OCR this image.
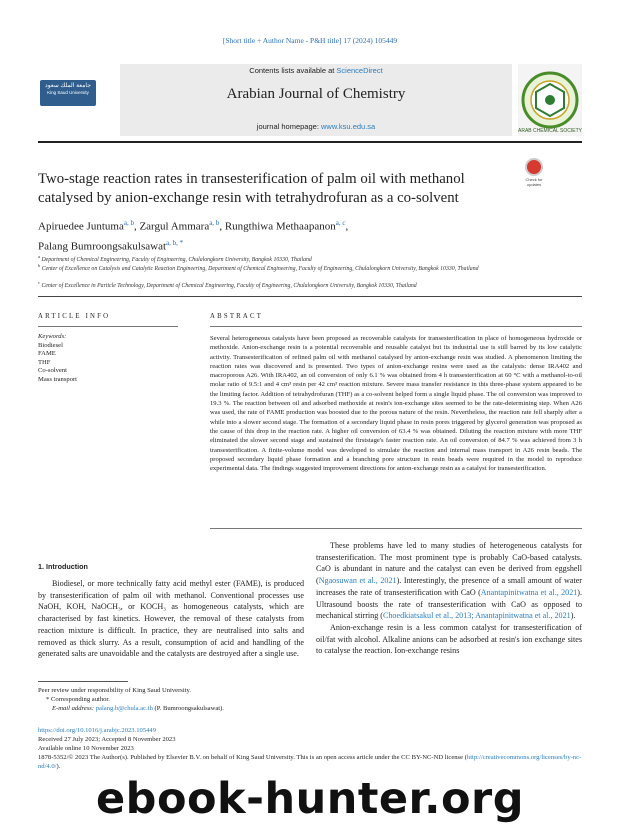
[Short title + Author Name - P&H title] 17 (2024) 105449
جامعة الملك سعود
King Saud University
Contents lists available at ScienceDirect
Arabian Journal of Chemistry
journal homepage: www.ksu.edu.sa	ARAB CHEMICAL SOCIETY
Check for updates
Two-stage reaction rates in transesterification of palm oil with methanol catalysed by anion-exchange resin with tetrahydrofuran as a co-solvent
Apiruedee Juntuma$^{a, b}$, Zargul Ammara$^{a, b}$, Rungthiwa Methaapanon$^{a, c}$,
Palang Bumroongsakulsawat$^{a, b, *}$
$^a$ Department of Chemical Engineering, Faculty of Engineering, Chulalongkorn University, Bangkok 10330, Thailand
$^b$ Center of Excellence on Catalysis and Catalytic Reaction Engineering, Department of Chemical Engineering, Faculty of Engineering, Chulalongkorn University, Bangkok 10330, Thailand
$^c$ Center of Excellence in Particle Technology, Department of Chemical Engineering, Faculty of Engineering, Chulalongkorn University, Bangkok 10330, Thailand
ARTICLE INFO
Keywords:
Biodiesel
FAME
THF
Co-solvent
Mass transport
ABSTRACT
Several heterogeneous catalysts have been proposed as recoverable catalysts for transesterification in place of homogeneous hydroxide or methoxide. Anion-exchange resin is a potential recoverable and reusable catalyst but its industrial use is still barred by its low catalytic activity. Transesterification of refined palm oil with methanol catalysed by anion-exchange resin was studied. A phenomenon limiting the reaction rates was discovered and is presented. Two types of anion-exchange resins were used as the catalysts: dense IRA402 and macroporous A26. With IRA402, an oil conversion of only 6.1 % was obtained from 4 h transesterification at 60 °C with a methanol-to-oil molar ratio of 9.5:1 and 4 cm³ resin per 42 cm³ reaction mixture. Severe mass transfer resistance in this three-phase system appeared to be the limiting factor. Addition of tetrahydrofuran (THF) as a co-solvent helped form a single liquid phase. The oil conversion was improved to 19.3 %. The reaction between oil and adsorbed methoxide at resin's ion-exchange sites seemed to be the rate-determining step. When A26 was used, the rate of FAME production was boosted due to the porous nature of the resin. Nevertheless, the reaction rate fell sharply after a while into a slower second stage. The formation of a secondary liquid phase in resin pores triggered by glycerol generation was proposed as the cause of this drop in the reaction rate. A higher oil conversion of 63.4 % was obtained. Diluting the reaction mixture with more THF eliminated the slower second stage and sustained the firststage's faster reaction rate. An oil conversion of 84.7 % was achieved from 3 h transesterification. A finite-volume model was developed to simulate the reaction and internal mass transport in A26 resin beads. The proposed secondary liquid phase formation and a branching pore structure in resin beads were required in the model to reproduce experimental data. The findings suggested improvement directions for anion-exchange resin as a catalyst for transesterification.
1. Introduction

Biodiesel, or more technically fatty acid methyl ester (FAME), is produced by transesterification of palm oil with methanol. Conventional processes use NaOH, KOH, NaOCH₃, or KOCH₃ as homogeneous catalysts, which are characterised by fast kinetics. However, the removal of these catalysts from reaction mixture is difficult. In practice, they are neutralised into salts and removed as thick slurry. As a result, consumption of acid and handling of the generated salts are unavoidable and the catalysts are destroyed after a single use.

These problems have led to many studies of heterogeneous catalysts for transesterification. The most prominent type is probably CaO-based catalysts. CaO is abundant in nature and the catalyst can even be derived from eggshell (Ngaosuwan et al., 2021). Interestingly, the presence of a small amount of water increases the rate of transesterification with CaO (Anantapinitwatna et al., 2021). Ultrasound boosts the rate of transesterification with CaO as opposed to mechanical stirring (Choedkiatsakul et al., 2013; Anantapinitwatna et al., 2021).

Anion-exchange resin is a less common catalyst for transesterification of oil/fat with alcohol. Alkaline anions can be adsorbed at resin's ion exchange sites to catalyse the reaction. Ion-exchange resins

Peer review under responsibility of King Saud University.
* Corresponding author.
E-mail address: palang.b@chula.ac.th (P. Bumroongsakulsawat).
https://doi.org/10.1016/j.arabjc.2023.105449
Received 27 July 2023; Accepted 8 November 2023
Available online 10 November 2023
1878-5352/© 2023 The Author(s). Published by Elsevier B.V. on behalf of King Saud University. This is an open access article under the CC BY-NC-ND license (http://creativecommons.org/licenses/by-nc-nd/4.0/).
ebook-hunter.org
